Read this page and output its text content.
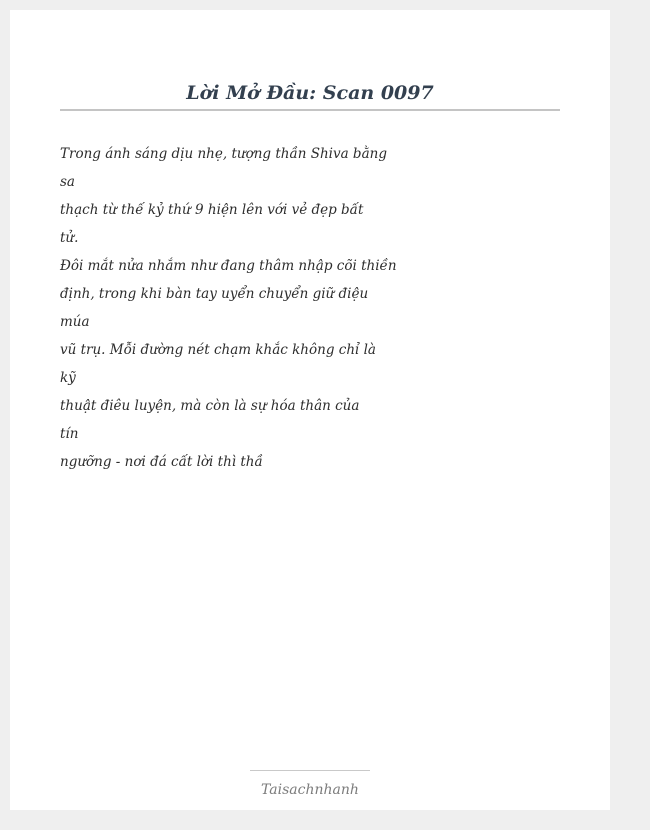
Lời Mở Đầu: Scan 0097
Trong ánh sáng dịu nhẹ, tượng thần Shiva bằng
sa
thạch từ thế kỷ thứ 9 hiện lên với vẻ đẹp bất
tử.
Đôi mắt nửa nhắm như đang thâm nhập cõi thiền
định, trong khi bàn tay uyển chuyển giữ điệu
múa
vũ trụ. Mỗi đường nét chạm khắc không chỉ là
kỹ
thuật điêu luyện, mà còn là sự hóa thân của
tín
ngưỡng - nơi đá cất lời thì thầ
Taisachnhanh
